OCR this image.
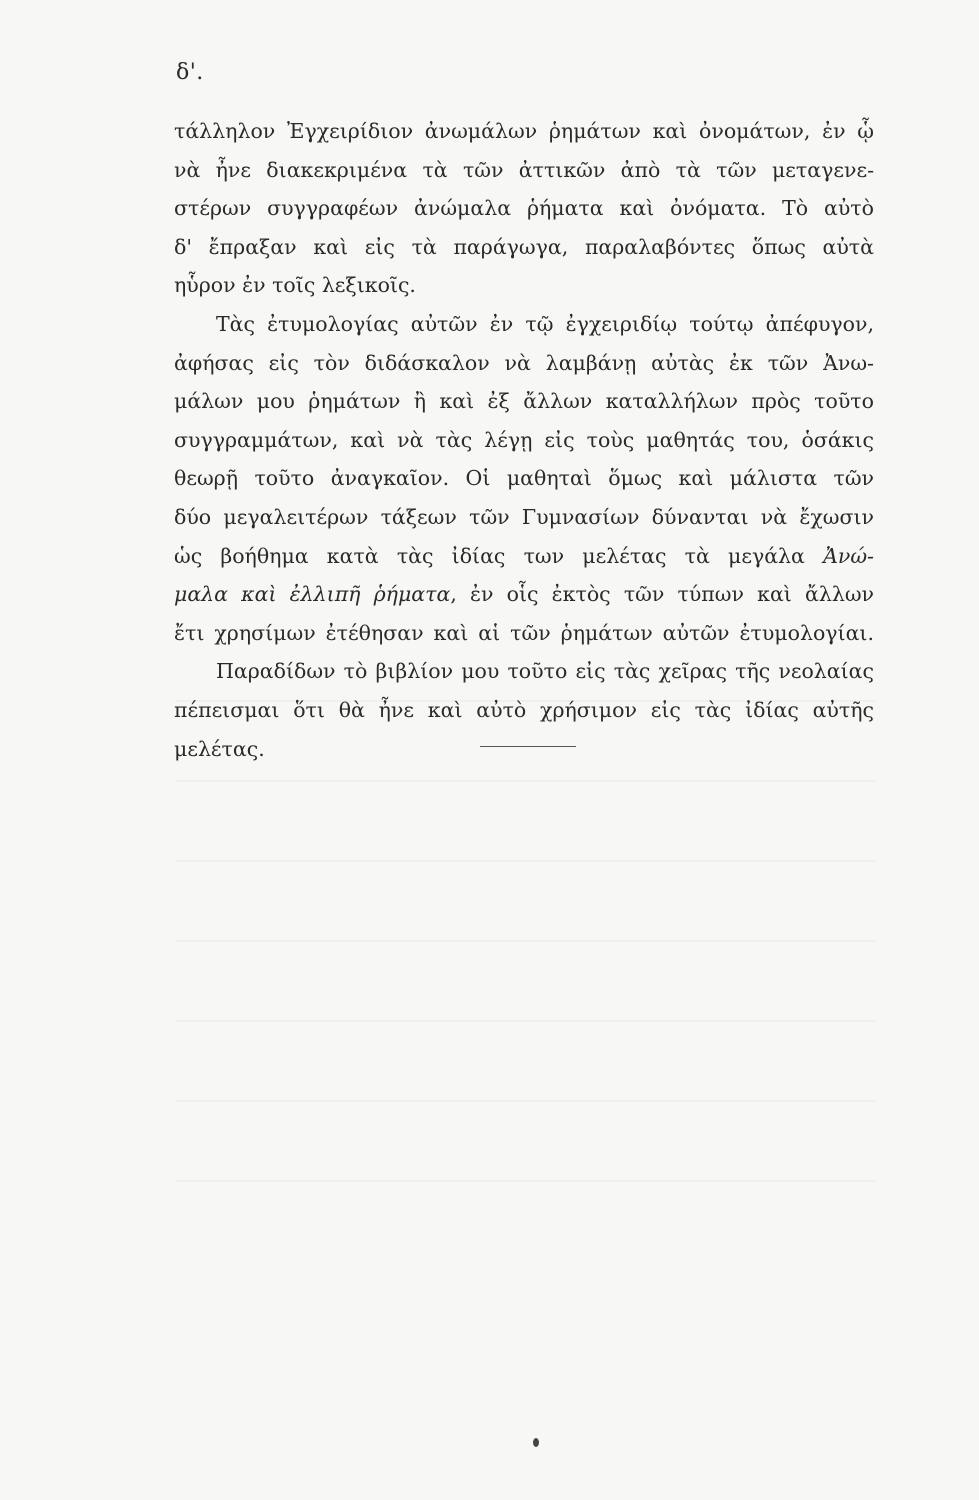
δ'.
τάλληλον Ἐγχειρίδιον ἀνωμάλων ῥημάτων καὶ ὀνομάτων, ἐν ᾧ
νὰ ἦνε διακεκριμένα τὰ τῶν ἀττικῶν ἀπὸ τὰ τῶν μεταγενε-
στέρων συγγραφέων ἀνώμαλα ῥήματα καὶ ὀνόματα. Τὸ αὐτὸ
δ' ἔπραξαν καὶ εἰς τὰ παράγωγα, παραλαβόντες ὅπως αὐτὰ
ηὗρον ἐν τοῖς λεξικοῖς.
Τὰς ἐτυμολογίας αὐτῶν ἐν τῷ ἐγχειριδίῳ τούτῳ ἀπέφυγον,
ἀφήσας εἰς τὸν διδάσκαλον νὰ λαμβάνῃ αὐτὰς ἐκ τῶν Ἀνω-
μάλων μου ῥημάτων ἢ καὶ ἐξ ἄλλων καταλλήλων πρὸς τοῦτο
συγγραμμάτων, καὶ νὰ τὰς λέγῃ εἰς τοὺς μαθητάς του, ὁσάκις
θεωρῇ τοῦτο ἀναγκαῖον. Οἱ μαθηταὶ ὅμως καὶ μάλιστα τῶν
δύο μεγαλειτέρων τάξεων τῶν Γυμνασίων δύνανται νὰ ἔχωσιν
ὡς βοήθημα κατὰ τὰς ἰδίας των μελέτας τὰ μεγάλα Ἀνώ-
μαλα καὶ ἐλλιπῆ ῥήματα, ἐν οἷς ἐκτὸς τῶν τύπων καὶ ἄλλων
ἔτι χρησίμων ἐτέθησαν καὶ αἱ τῶν ῥημάτων αὐτῶν ἐτυμολογίαι.
Παραδίδων τὸ βιβλίον μου τοῦτο εἰς τὰς χεῖρας τῆς νεολαίας
πέπεισμαι ὅτι θὰ ἦνε καὶ αὐτὸ χρήσιμον εἰς τὰς ἰδίας αὐτῆς
μελέτας.
